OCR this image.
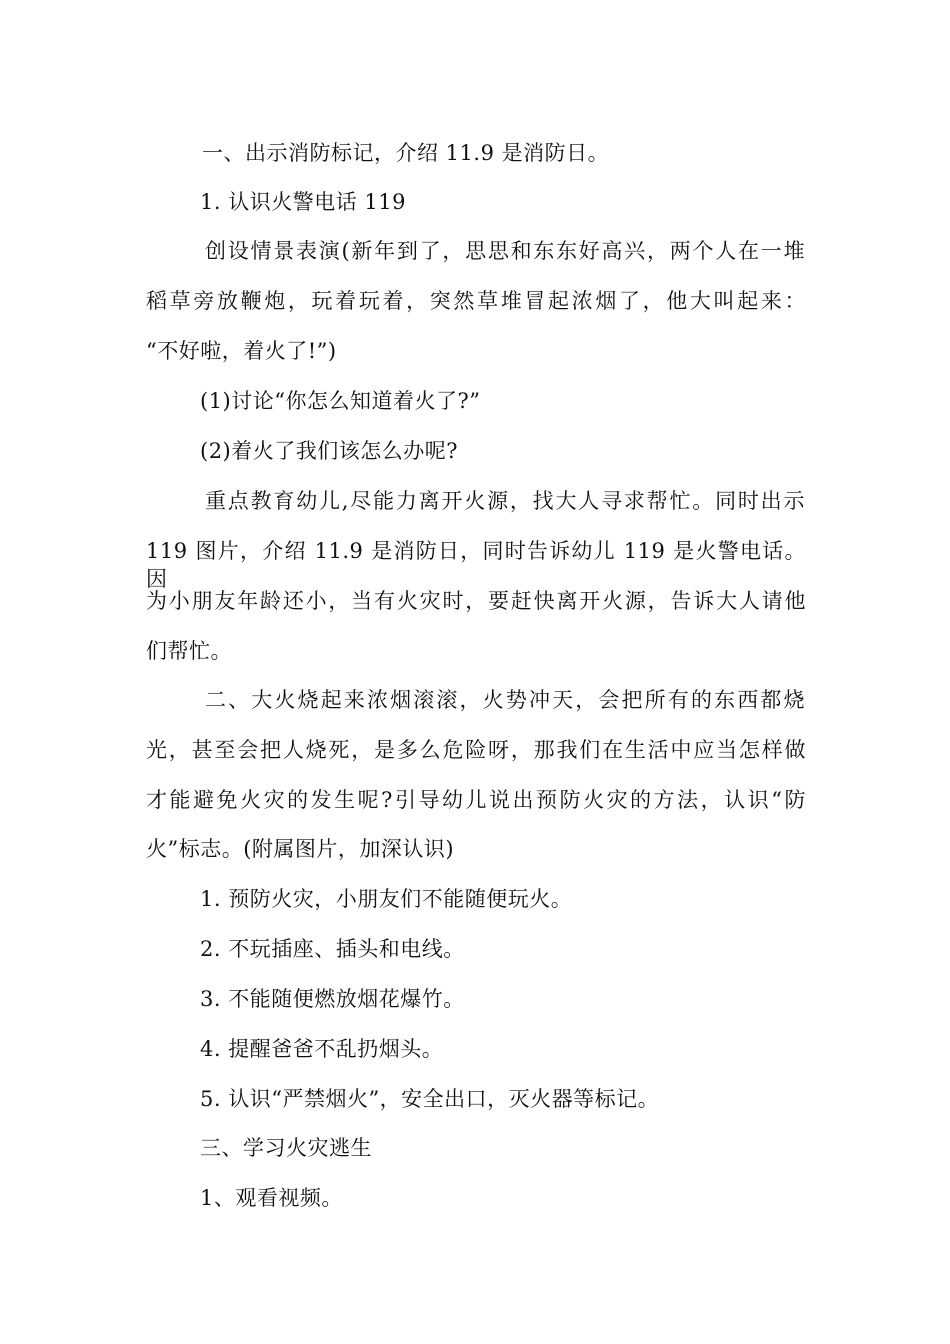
一、出示消防标记，介绍 11.9 是消防日。
1. 认识火警电话 119
创设情景表演(新年到了，思思和东东好高兴，两个人在一堆
稻草旁放鞭炮，玩着玩着，突然草堆冒起浓烟了，他大叫起来：
“不好啦，着火了!”)
(1)讨论“你怎么知道着火了?”
(2)着火了我们该怎么办呢?
重点教育幼儿,尽能力离开火源，找大人寻求帮忙。同时出示
119 图片，介绍 11.9 是消防日，同时告诉幼儿 119 是火警电话。因
为小朋友年龄还小，当有火灾时，要赶快离开火源，告诉大人请他
们帮忙。
二、大火烧起来浓烟滚滚，火势冲天，会把所有的东西都烧
光，甚至会把人烧死，是多么危险呀，那我们在生活中应当怎样做
才能避免火灾的发生呢?引导幼儿说出预防火灾的方法，认识“防
火”标志。(附属图片，加深认识)
1. 预防火灾，小朋友们不能随便玩火。
2. 不玩插座、插头和电线。
3. 不能随便燃放烟花爆竹。
4. 提醒爸爸不乱扔烟头。
5. 认识“严禁烟火”，安全出口，灭火器等标记。
三、学习火灾逃生
1、观看视频。
